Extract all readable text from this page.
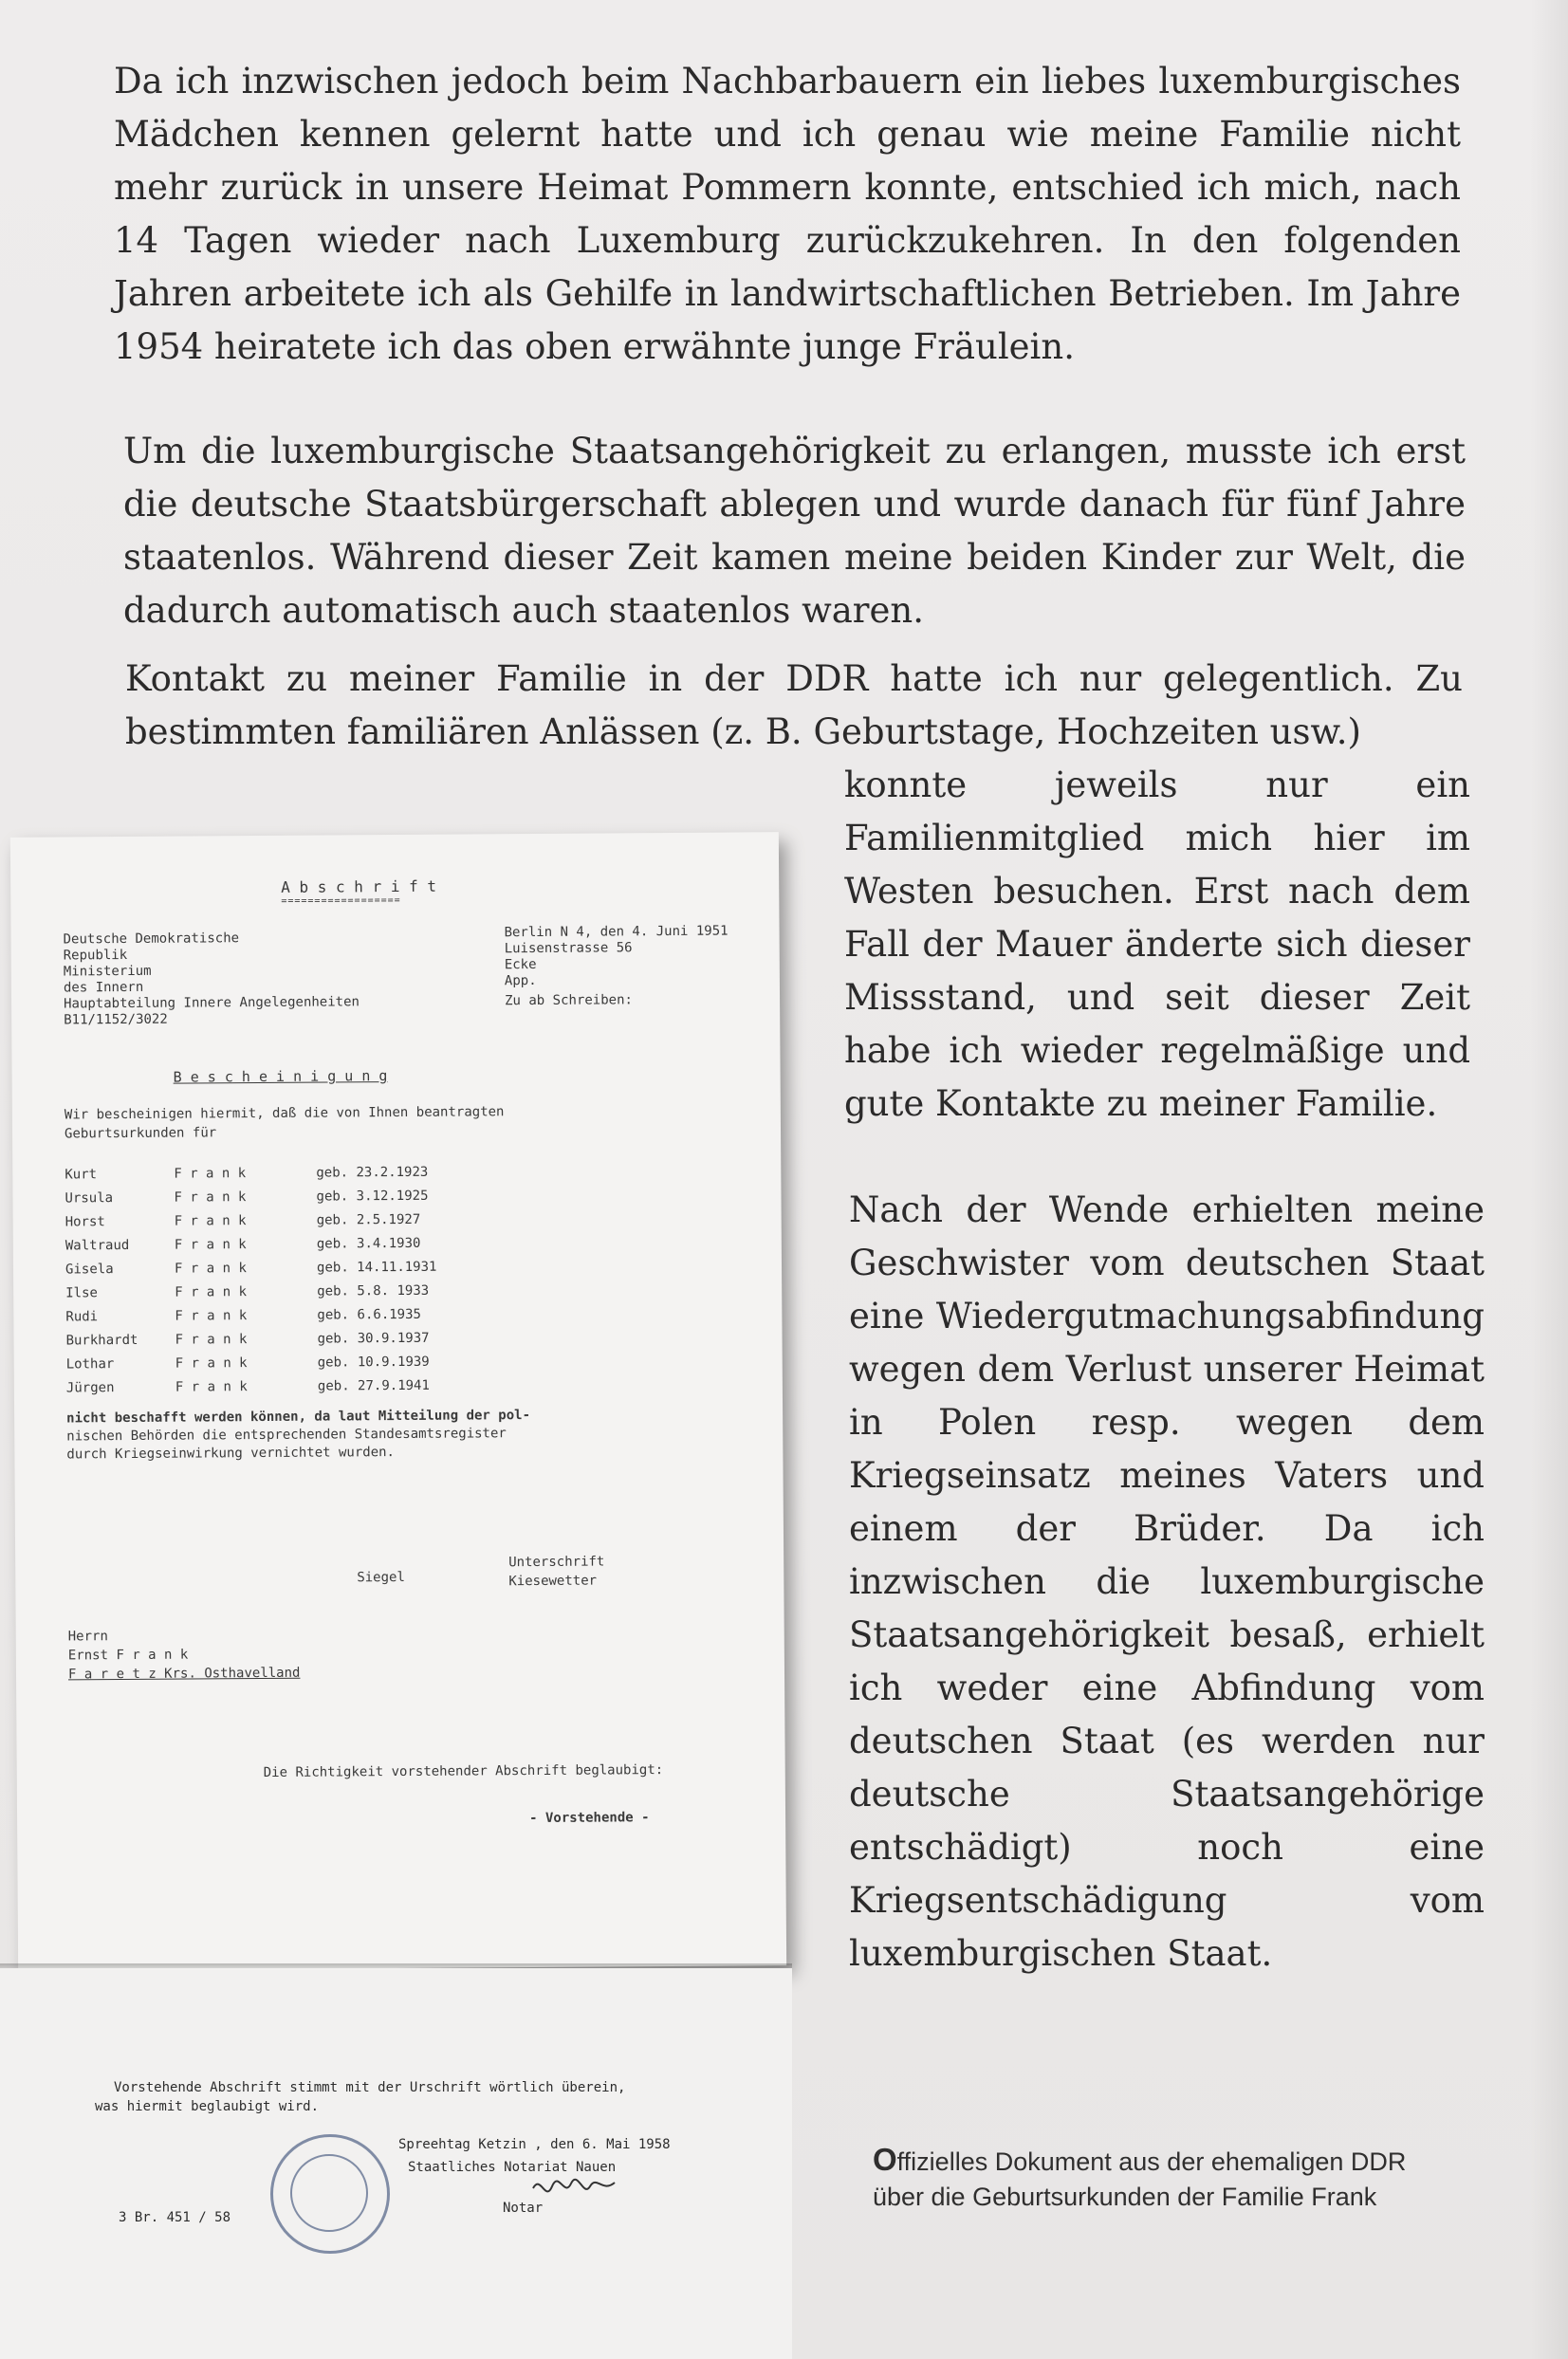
Da ich inzwischen jedoch beim Nachbarbauern ein liebes luxemburgisches Mädchen kennen gelernt hatte und ich genau wie meine Familie nicht mehr zurück in unsere Heimat Pommern konnte, entschied ich mich, nach 14 Tagen wieder nach Luxemburg zurückzukehren. In den folgenden Jahren arbeitete ich als Gehilfe in landwirtschaftlichen Betrieben. Im Jahre 1954 heiratete ich das oben erwähnte junge Fräulein.

Um die luxemburgische Staatsangehörigkeit zu erlangen, musste ich erst die deutsche Staatsbürgerschaft ablegen und wurde danach für fünf Jahre staatenlos. Während dieser Zeit kamen meine beiden Kinder zur Welt, die dadurch automatisch auch staatenlos waren.

Kontakt zu meiner Familie in der DDR hatte ich nur gelegentlich. Zu bestimmten familiären Anlässen (z. B. Geburtstage, Hochzeiten usw.)

konnte jeweils nur ein Familienmitglied mich hier im Westen besuchen. Erst nach dem Fall der Mauer änderte sich dieser Missstand, und seit dieser Zeit habe ich wieder regelmäßige und gute Kontakte zu meiner Familie.

Nach der Wende erhielten meine Geschwister vom deutschen Staat eine Wiedergutmachungsabfindung wegen dem Verlust unserer Heimat in Polen resp. wegen dem Kriegseinsatz meines Vaters und einem der Brüder. Da ich inzwischen die luxemburgische Staatsangehörigkeit besaß, erhielt ich weder eine Abfindung vom deutschen Staat (es werden nur deutsche Staatsangehörige entschädigt) noch eine Kriegsentschädigung vom luxemburgischen Staat.

A b s c h r i f t
==================
Deutsche Demokratische
Republik
Ministerium
des Innern
Hauptabteilung Innere Angelegenheiten
B11/1152/3022
Berlin N 4, den 4. Juni 1951
Luisenstrasse 56
Ecke
App.
Zu ab Schreiben:
B e s c h e i n i g u n g
Wir bescheinigen hiermit, daß die von Ihnen beantragten
Geburtsurkunden für
Kurt	F r a n k	geb. 23.2.1923
Ursula	F r a n k	geb. 3.12.1925
Horst	F r a n k	geb. 2.5.1927
Waltraud	F r a n k	geb. 3.4.1930
Gisela	F r a n k	geb. 14.11.1931
Ilse	F r a n k	geb. 5.8. 1933
Rudi	F r a n k	geb. 6.6.1935
Burkhardt	F r a n k	geb. 30.9.1937
Lothar	F r a n k	geb. 10.9.1939
Jürgen	F r a n k	geb. 27.9.1941
nicht beschafft werden können, da laut Mitteilung der pol-
nischen Behörden die entsprechenden Standesamtsregister
durch Kriegseinwirkung vernichtet wurden.
Siegel
Unterschrift
Kiesewetter
Herrn
Ernst F r a n k
F a r e t z Krs. Osthavelland
Die Richtigkeit vorstehender Abschrift beglaubigt:
- Vorstehende -
Vorstehende Abschrift stimmt mit der Urschrift wörtlich überein,
was hiermit beglaubigt wird.
Spreehtag Ketzin , den 6. Mai 1958
Staatliches Notariat Nauen
Notar
3 Br. 451 / 58
Offizielles Dokument aus der ehemaligen DDR über die Geburtsurkunden der Familie Frank
